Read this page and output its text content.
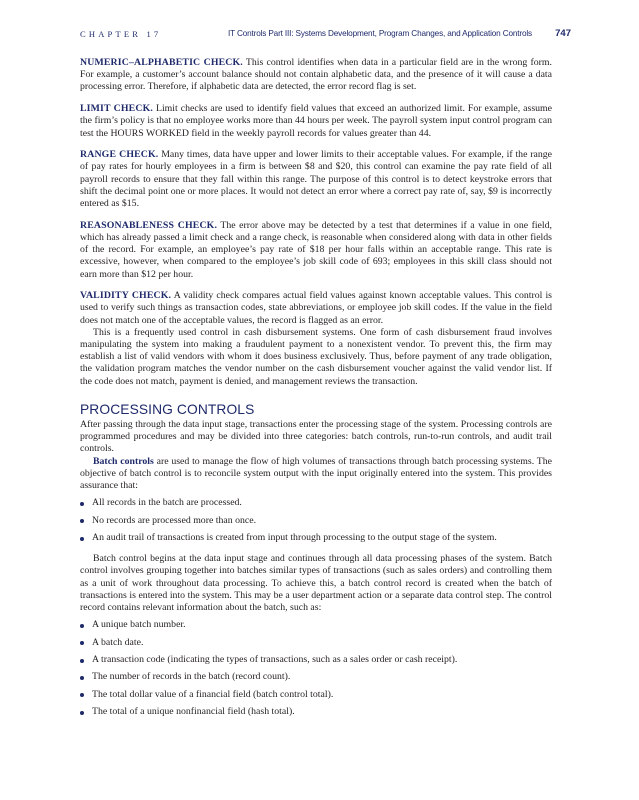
CHAPTER 17	IT Controls Part III: Systems Development, Program Changes, and Application Controls 747

NUMERIC–ALPHABETIC CHECK. This control identifies when data in a particular field are in the wrong form. For example, a customer’s account balance should not contain alphabetic data, and the presence of it will cause a data processing error. Therefore, if alphabetic data are detected, the error record flag is set.

LIMIT CHECK. Limit checks are used to identify field values that exceed an authorized limit. For example, assume the firm’s policy is that no employee works more than 44 hours per week. The payroll system input control program can test the HOURS WORKED field in the weekly payroll records for values greater than 44.

RANGE CHECK. Many times, data have upper and lower limits to their acceptable values. For example, if the range of pay rates for hourly employees in a firm is between $8 and $20, this control can examine the pay rate field of all payroll records to ensure that they fall within this range. The purpose of this control is to detect keystroke errors that shift the decimal point one or more places. It would not detect an error where a correct pay rate of, say, $9 is incorrectly entered as $15.

REASONABLENESS CHECK. The error above may be detected by a test that determines if a value in one field, which has already passed a limit check and a range check, is reasonable when considered along with data in other fields of the record. For example, an employee’s pay rate of $18 per hour falls within an acceptable range. This rate is excessive, however, when compared to the employee’s job skill code of 693; employees in this skill class should not earn more than $12 per hour.

VALIDITY CHECK. A validity check compares actual field values against known acceptable values. This control is used to verify such things as transaction codes, state abbreviations, or employee job skill codes. If the value in the field does not match one of the acceptable values, the record is flagged as an error.

This is a frequently used control in cash disbursement systems. One form of cash disbursement fraud involves manipulating the system into making a fraudulent payment to a nonexistent vendor. To prevent this, the firm may establish a list of valid vendors with whom it does business exclusively. Thus, before payment of any trade obligation, the validation program matches the vendor number on the cash disbursement voucher against the valid vendor list. If the code does not match, payment is denied, and management reviews the transaction.

PROCESSING CONTROLS

After passing through the data input stage, transactions enter the processing stage of the system. Processing controls are programmed procedures and may be divided into three categories: batch controls, run-to-run controls, and audit trail controls.

Batch controls are used to manage the flow of high volumes of transactions through batch processing systems. The objective of batch control is to reconcile system output with the input originally entered into the system. This provides assurance that:

All records in the batch are processed.
No records are processed more than once.
An audit trail of transactions is created from input through processing to the output stage of the system.

Batch control begins at the data input stage and continues through all data processing phases of the system. Batch control involves grouping together into batches similar types of transactions (such as sales orders) and controlling them as a unit of work throughout data processing. To achieve this, a batch control record is created when the batch of transactions is entered into the system. This may be a user department action or a separate data control step. The control record contains relevant information about the batch, such as:

A unique batch number.
A batch date.
A transaction code (indicating the types of transactions, such as a sales order or cash receipt).
The number of records in the batch (record count).
The total dollar value of a financial field (batch control total).
The total of a unique nonfinancial field (hash total).
